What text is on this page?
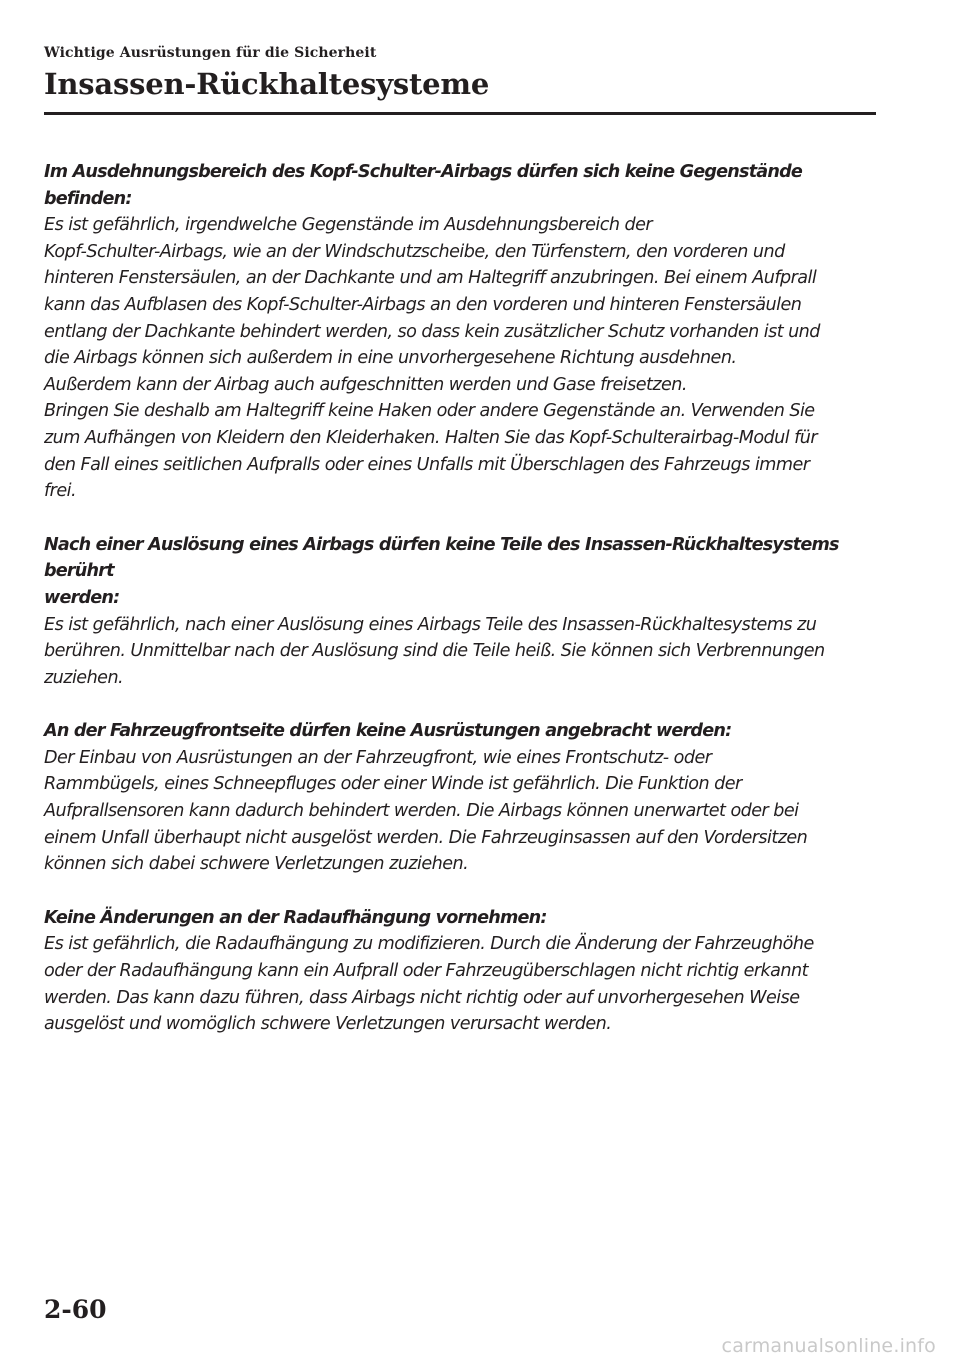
Wichtige Ausrüstungen für die Sicherheit
Insassen-Rückhaltesysteme
Im Ausdehnungsbereich des Kopf-Schulter-Airbags dürfen sich keine Gegenstände befinden:
Es ist gefährlich, irgendwelche Gegenstände im Ausdehnungsbereich der
Kopf-Schulter-Airbags, wie an der Windschutzscheibe, den Türfenstern, den vorderen und
hinteren Fenstersäulen, an der Dachkante und am Haltegriff anzubringen. Bei einem Aufprall
kann das Aufblasen des Kopf-Schulter-Airbags an den vorderen und hinteren Fenstersäulen
entlang der Dachkante behindert werden, so dass kein zusätzlicher Schutz vorhanden ist und
die Airbags können sich außerdem in eine unvorhergesehene Richtung ausdehnen.
Außerdem kann der Airbag auch aufgeschnitten werden und Gase freisetzen.
Bringen Sie deshalb am Haltegriff keine Haken oder andere Gegenstände an. Verwenden Sie
zum Aufhängen von Kleidern den Kleiderhaken. Halten Sie das Kopf-Schulterairbag-Modul für
den Fall eines seitlichen Aufpralls oder eines Unfalls mit Überschlagen des Fahrzeugs immer
frei.
Nach einer Auslösung eines Airbags dürfen keine Teile des Insassen-Rückhaltesystems berührt
werden:
Es ist gefährlich, nach einer Auslösung eines Airbags Teile des Insassen-Rückhaltesystems zu
berühren. Unmittelbar nach der Auslösung sind die Teile heiß. Sie können sich Verbrennungen
zuziehen.
An der Fahrzeugfrontseite dürfen keine Ausrüstungen angebracht werden:
Der Einbau von Ausrüstungen an der Fahrzeugfront, wie eines Frontschutz- oder
Rammbügels, eines Schneepfluges oder einer Winde ist gefährlich. Die Funktion der
Aufprallsensoren kann dadurch behindert werden. Die Airbags können unerwartet oder bei
einem Unfall überhaupt nicht ausgelöst werden. Die Fahrzeuginsassen auf den Vordersitzen
können sich dabei schwere Verletzungen zuziehen.
Keine Änderungen an der Radaufhängung vornehmen:
Es ist gefährlich, die Radaufhängung zu modifizieren. Durch die Änderung der Fahrzeughöhe
oder der Radaufhängung kann ein Aufprall oder Fahrzeugüberschlagen nicht richtig erkannt
werden. Das kann dazu führen, dass Airbags nicht richtig oder auf unvorhergesehen Weise
ausgelöst und womöglich schwere Verletzungen verursacht werden.
2-60
carmanualsonline.info
